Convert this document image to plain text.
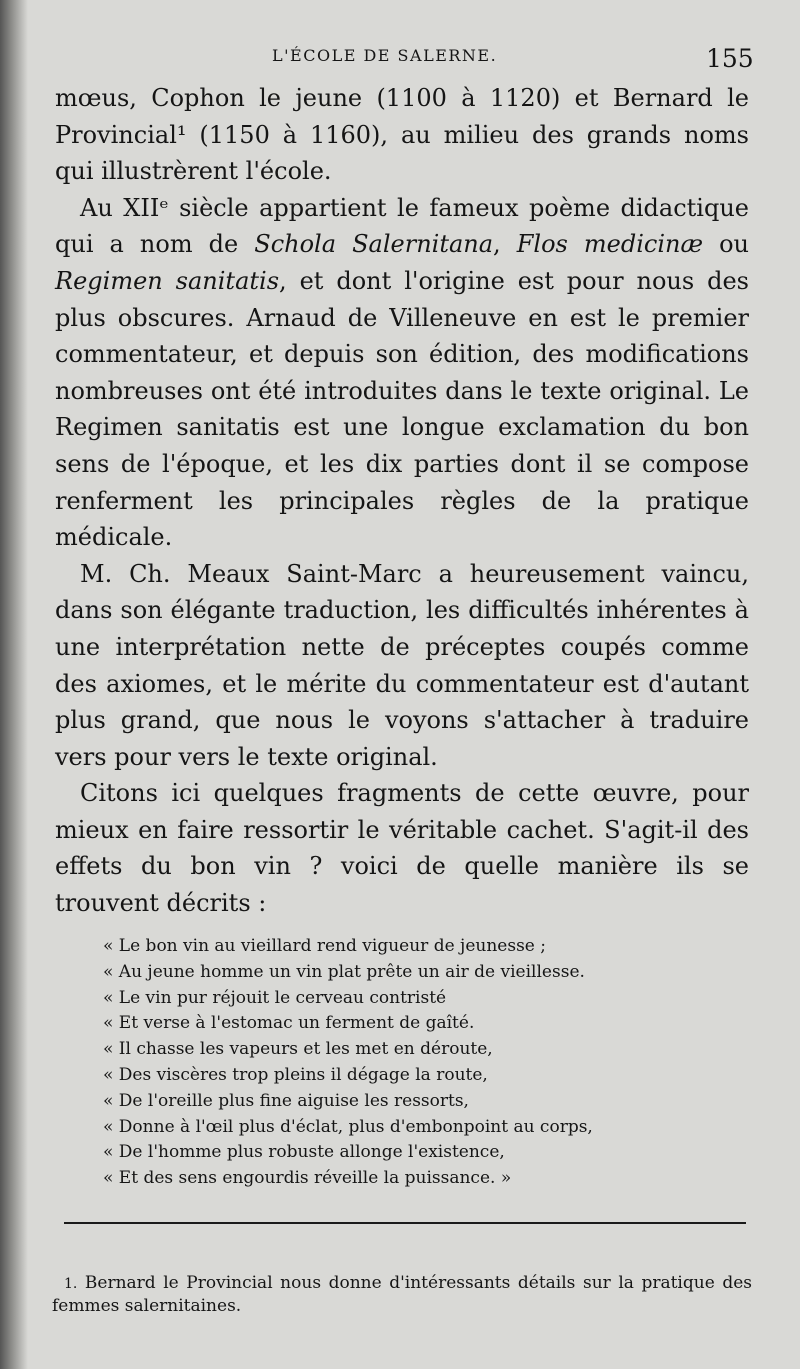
L'ÉCOLE DE SALERNE.	155

mœus, Cophon le jeune (1100 à 1120) et Bernard le Provincial¹ (1150 à 1160), au milieu des grands noms qui illustrèrent l'école.

Au XIIᵉ siècle appartient le fameux poème didactique qui a nom de Schola Salernitana, Flos medicinæ ou Regimen sanitatis, et dont l'origine est pour nous des plus obscures. Arnaud de Villeneuve en est le premier commentateur, et depuis son édition, des modifications nombreuses ont été introduites dans le texte original. Le Regimen sanitatis est une longue exclamation du bon sens de l'époque, et les dix parties dont il se compose renferment les principales règles de la pratique médicale.

M. Ch. Meaux Saint-Marc a heureusement vaincu, dans son élégante traduction, les difficultés inhérentes à une interprétation nette de préceptes coupés comme des axiomes, et le mérite du commentateur est d'autant plus grand, que nous le voyons s'attacher à traduire vers pour vers le texte original.

Citons ici quelques fragments de cette œuvre, pour mieux en faire ressortir le véritable cachet. S'agit-il des effets du bon vin ? voici de quelle manière ils se trouvent décrits :

« Le bon vin au vieillard rend vigueur de jeunesse ;
« Au jeune homme un vin plat prête un air de vieillesse.
« Le vin pur réjouit le cerveau contristé
« Et verse à l'estomac un ferment de gaîté.
« Il chasse les vapeurs et les met en déroute,
« Des viscères trop pleins il dégage la route,
« De l'oreille plus fine aiguise les ressorts,
« Donne à l'œil plus d'éclat, plus d'embonpoint au corps,
« De l'homme plus robuste allonge l'existence,
« Et des sens engourdis réveille la puissance. »

1. Bernard le Provincial nous donne d'intéressants détails sur la pratique des femmes salernitaines.
